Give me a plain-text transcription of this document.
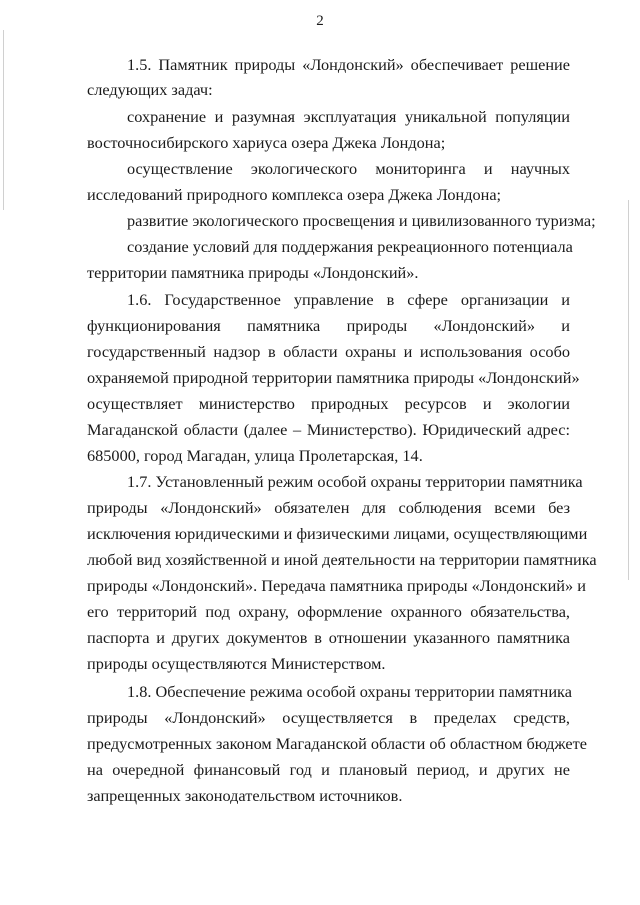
2

1.5. Памятник природы «Лондонский» обеспечивает решение

следующих задач:

сохранение и разумная эксплуатация уникальной популяции

восточносибирского хариуса озера Джека Лондона;

осуществление экологического мониторинга и научных

исследований природного комплекса озера Джека Лондона;

развитие экологического просвещения и цивилизованного туризма;

создание условий для поддержания рекреационного потенциала

территории памятника природы «Лондонский».

1.6. Государственное управление в сфере организации и

функционирования памятника природы «Лондонский» и

государственный надзор в области охраны и использования особо

охраняемой природной территории памятника природы «Лондонский»

осуществляет министерство природных ресурсов и экологии

Магаданской области (далее – Министерство). Юридический адрес:

685000, город Магадан, улица Пролетарская, 14.

1.7. Установленный режим особой охраны территории памятника

природы «Лондонский» обязателен для соблюдения всеми без

исключения юридическими и физическими лицами, осуществляющими

любой вид хозяйственной и иной деятельности на территории памятника

природы «Лондонский». Передача памятника природы «Лондонский» и

его территорий под охрану, оформление охранного обязательства,

паспорта и других документов в отношении указанного памятника

природы осуществляются Министерством.

1.8. Обеспечение режима особой охраны территории памятника

природы «Лондонский» осуществляется в пределах средств,

предусмотренных законом Магаданской области об областном бюджете

на очередной финансовый год и плановый период, и других не

запрещенных законодательством источников.
